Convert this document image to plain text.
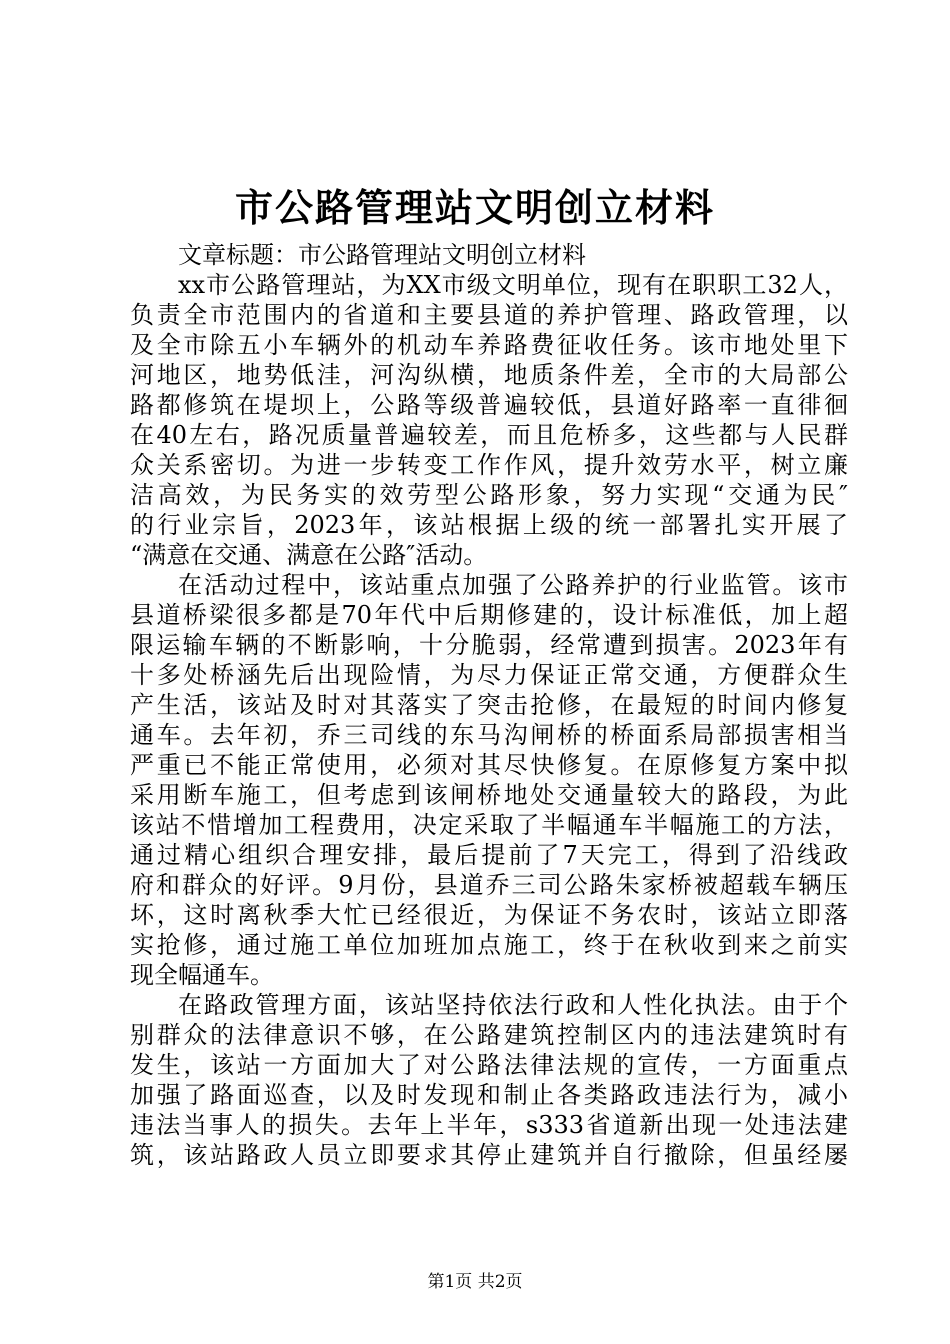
市公路管理站文明创立材料
文章标题：市公路管理站文明创立材料
xx市公路管理站，为XX市级文明单位，现有在职职工32人，
负责全市范围内的省道和主要县道的养护管理、路政管理，以
及全市除五小车辆外的机动车养路费征收任务。该市地处里下
河地区，地势低洼，河沟纵横，地质条件差，全市的大局部公
路都修筑在堤坝上，公路等级普遍较低，县道好路率一直徘徊
在40左右，路况质量普遍较差，而且危桥多，这些都与人民群
众关系密切。为进一步转变工作作风，提升效劳水平，树立廉
洁高效，为民务实的效劳型公路形象，努力实现“交通为民″
的行业宗旨，2023年，该站根据上级的统一部署扎实开展了
“满意在交通、满意在公路″活动。
在活动过程中，该站重点加强了公路养护的行业监管。该市
县道桥梁很多都是70年代中后期修建的，设计标准低，加上超
限运输车辆的不断影响，十分脆弱，经常遭到损害。2023年有
十多处桥涵先后出现险情，为尽力保证正常交通，方便群众生
产生活，该站及时对其落实了突击抢修，在最短的时间内修复
通车。去年初，乔三司线的东马沟闸桥的桥面系局部损害相当
严重已不能正常使用，必须对其尽快修复。在原修复方案中拟
采用断车施工，但考虑到该闸桥地处交通量较大的路段，为此
该站不惜增加工程费用，决定采取了半幅通车半幅施工的方法，
通过精心组织合理安排，最后提前了7天完工，得到了沿线政
府和群众的好评。9月份，县道乔三司公路朱家桥被超载车辆压
坏，这时离秋季大忙已经很近，为保证不务农时，该站立即落
实抢修，通过施工单位加班加点施工，终于在秋收到来之前实
现全幅通车。
在路政管理方面，该站坚持依法行政和人性化执法。由于个
别群众的法律意识不够，在公路建筑控制区内的违法建筑时有
发生，该站一方面加大了对公路法律法规的宣传，一方面重点
加强了路面巡查，以及时发现和制止各类路政违法行为，减小
违法当事人的损失。去年上半年，s333省道新出现一处违法建
筑，该站路政人员立即要求其停止建筑并自行撤除，但虽经屡
第1页 共2页
